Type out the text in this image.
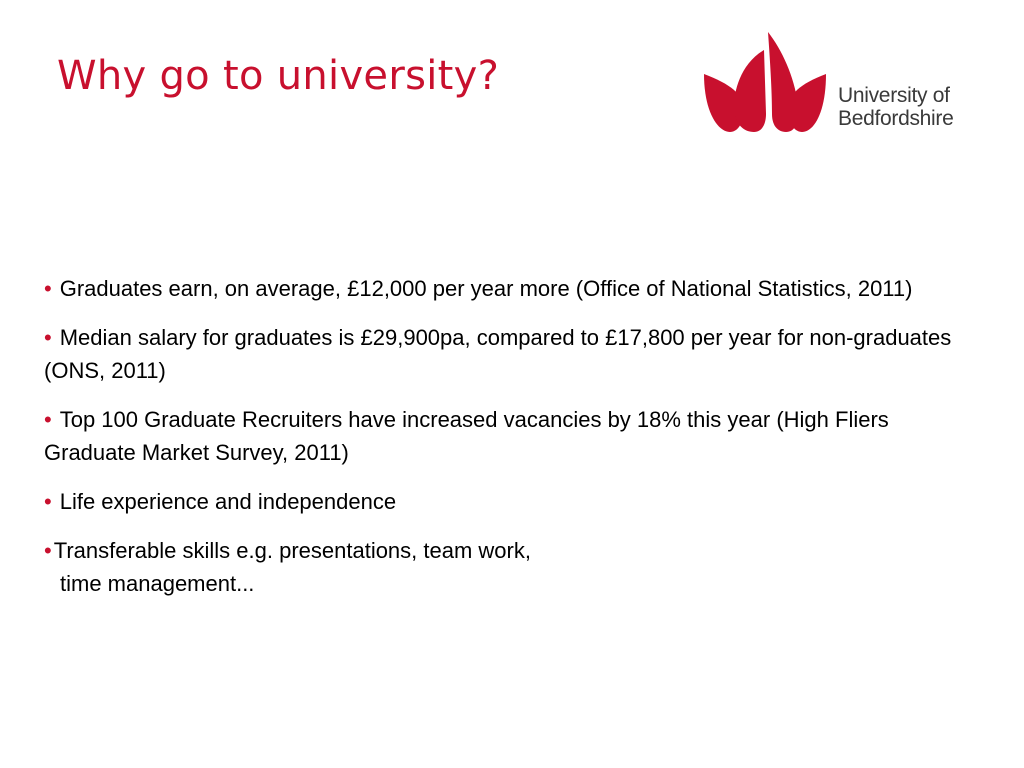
Why go to university?	University of
Bedfordshire
• Graduates earn, on average, £12,000 per year more (Office of National Statistics, 2011)
• Median salary for graduates is £29,900pa, compared to £17,800 per year for non-graduates (ONS, 2011)
• Top 100 Graduate Recruiters have increased vacancies by 18% this year (High Fliers Graduate Market Survey, 2011)
• Life experience and independence
•Transferable skills e.g. presentations, team work,
time management...
